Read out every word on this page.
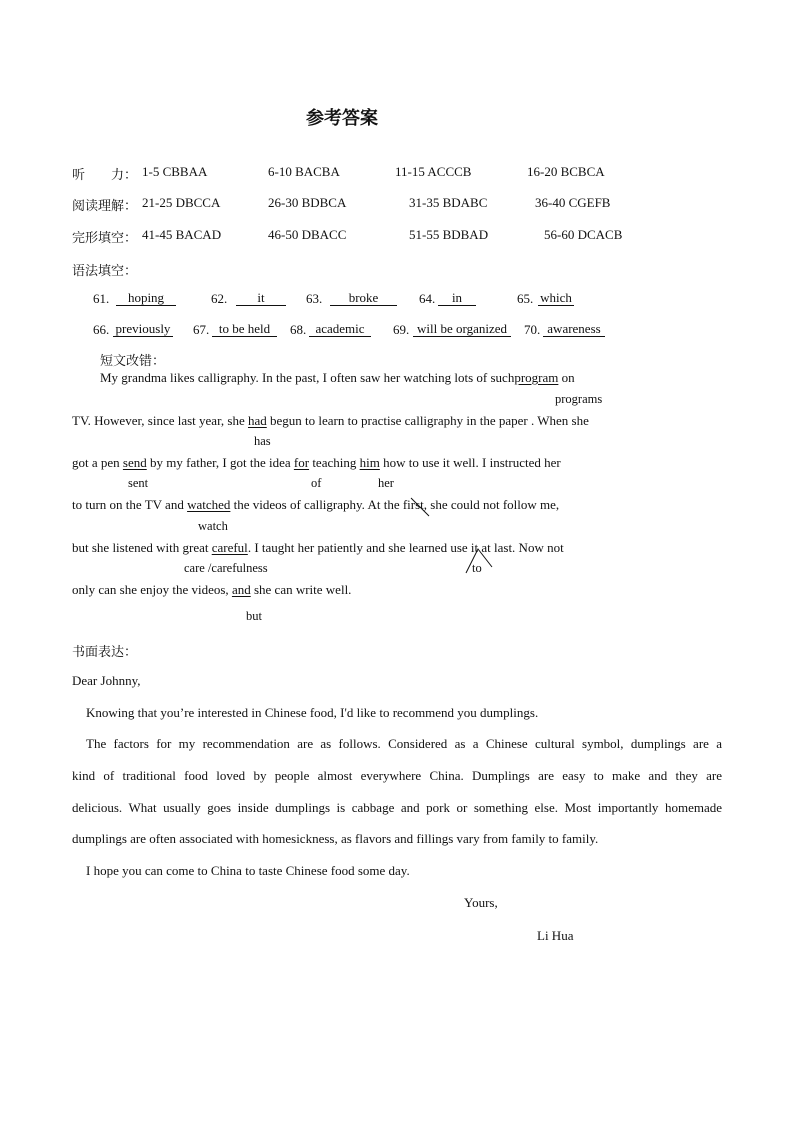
参考答案
听　　力： 1-5 CBBAA	6-10 BACBA	11-15 ACCCB	16-20 BCBCA
阅读理解： 21-25 DBCCA	26-30 BDBCA	31-35 BDABC	36-40 CGEFB
完形填空： 41-45 BACAD	46-50 DBACC	51-55 BDBAD	56-60 DCACB
语法填空：
61.	hoping	62.	it	63.	broke	64.	in	65. which
66. previously 67. to be held	68. academic	69. will be organized	70. awareness
短文改错：
My grandma likes calligraphy. In the past, I often saw her watching lots of suchprogram on
programs
TV. However, since last year, she had begun to learn to practise calligraphy in the paper . When she
has
got a pen send by my father, I got the idea for teaching him how to use it well. I instructed her
sent	of	her
to turn on the TV and watched the videos of calligraphy. At the first, she could not follow me,
watch
but she listened with great careful. I taught her patiently and she learned use it at last. Now not
care /carefulness	to
only can she enjoy the videos, and she can write well.
but
书面表达：
Dear Johnny,
Knowing that you’re interested in Chinese food, I'd like to recommend you dumplings.
The factors for my recommendation are as follows. Considered as a Chinese cultural symbol, dumplings are a
kind of traditional food loved by people almost everywhere China. Dumplings are easy to make and they are
delicious. What usually goes inside dumplings is cabbage and pork or something else. Most importantly homemade
dumplings are often associated with homesickness, as flavors and fillings vary from family to family.
I hope you can come to China to taste Chinese food some day.
Yours,
Li Hua
